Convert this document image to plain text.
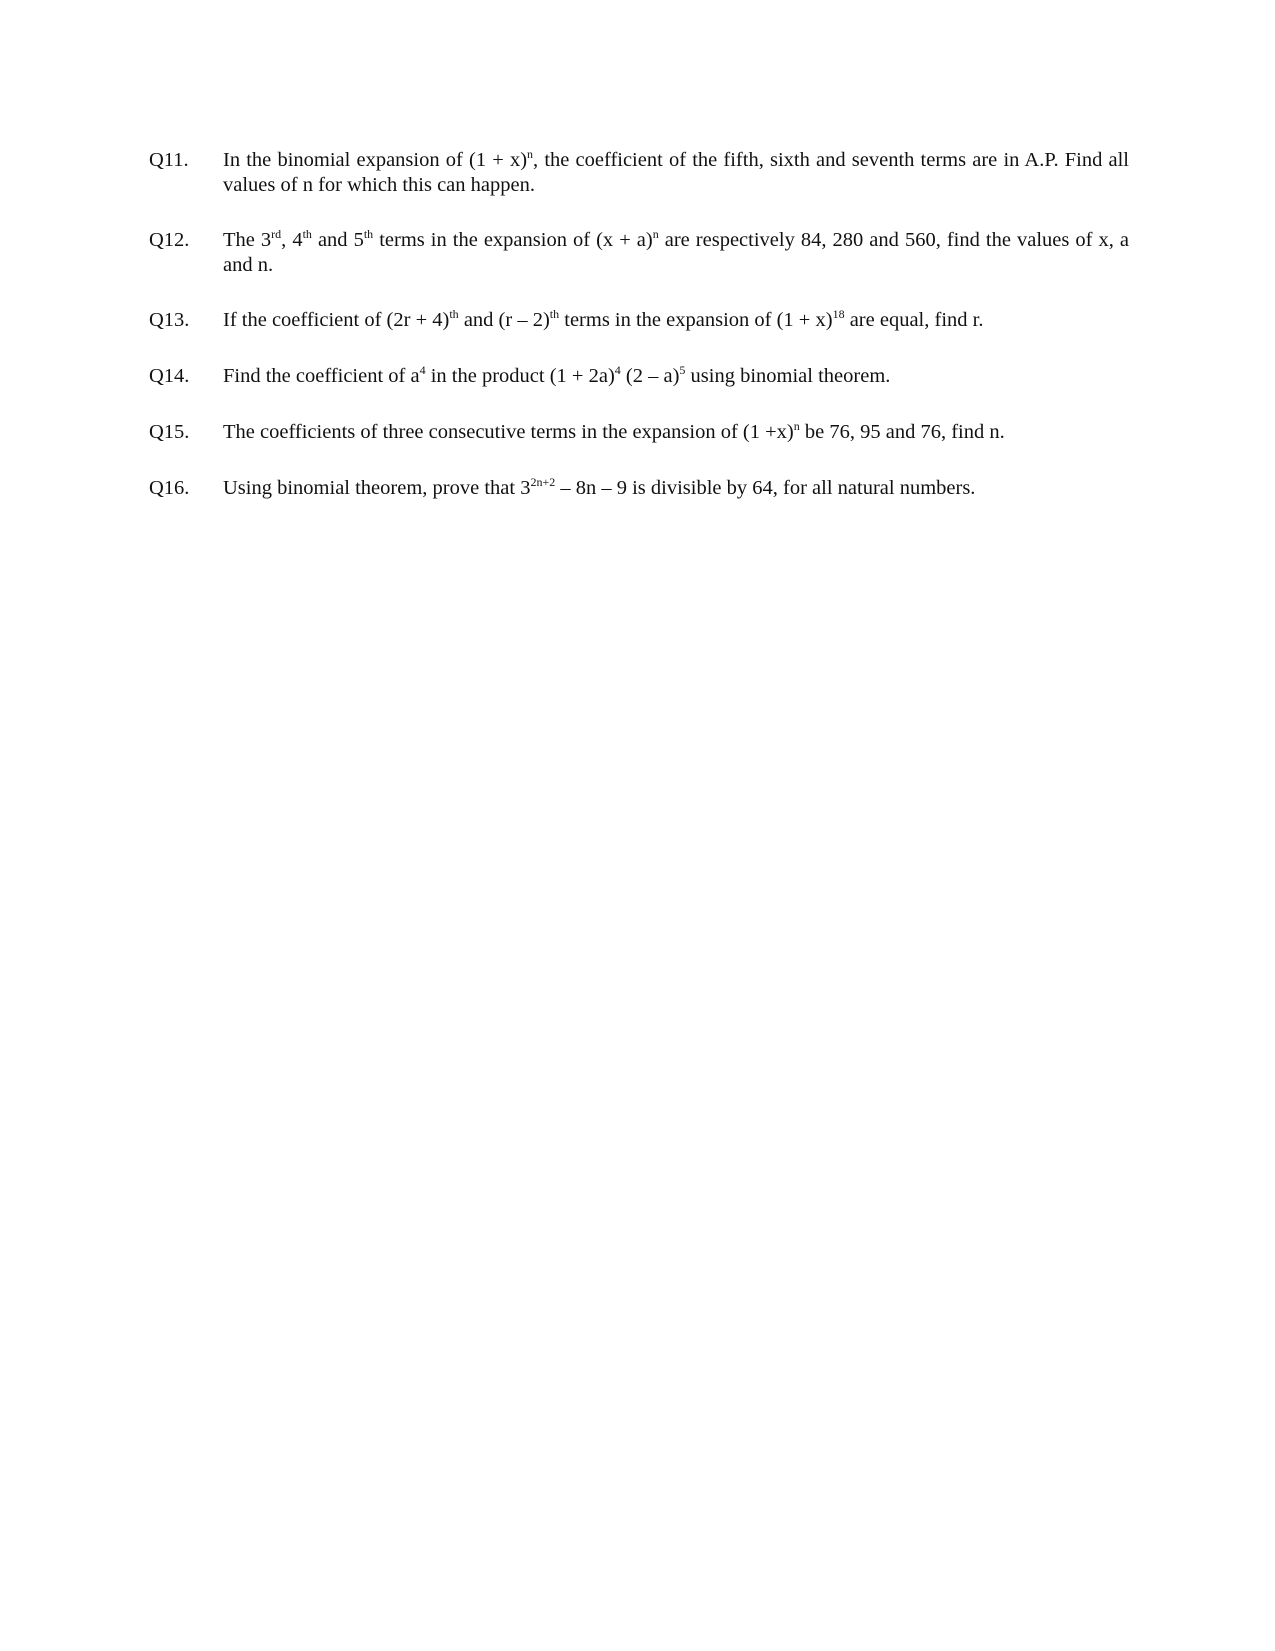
Q11.	In the binomial expansion of $(1 + x)^n$, the coefficient of the fifth, sixth and seventh terms are in A.P. Find all values of n for which this can happen.
Q12.	The 3rd, 4th and 5th terms in the expansion of $(x + a)^n$ are respectively 84, 280 and 560, find the values of x, a and n.
Q13.	If the coefficient of $(2r + 4)^{th}$ and (r – 2)$^{th}$ terms in the expansion of $(1 + x)^{18}$ are equal, find r.
Q14.	Find the coefficient of $a^4$ in the product $(1 + 2a)^4$ (2 – a)$^5$ using binomial theorem.
Q15.	The coefficients of three consecutive terms in the expansion of $(1 +x)^n$ be 76, 95 and 76, find n.
Q16.	Using binomial theorem, prove that $3^{2n+2} - 8n - 9$ is divisible by 64, for all natural numbers.
